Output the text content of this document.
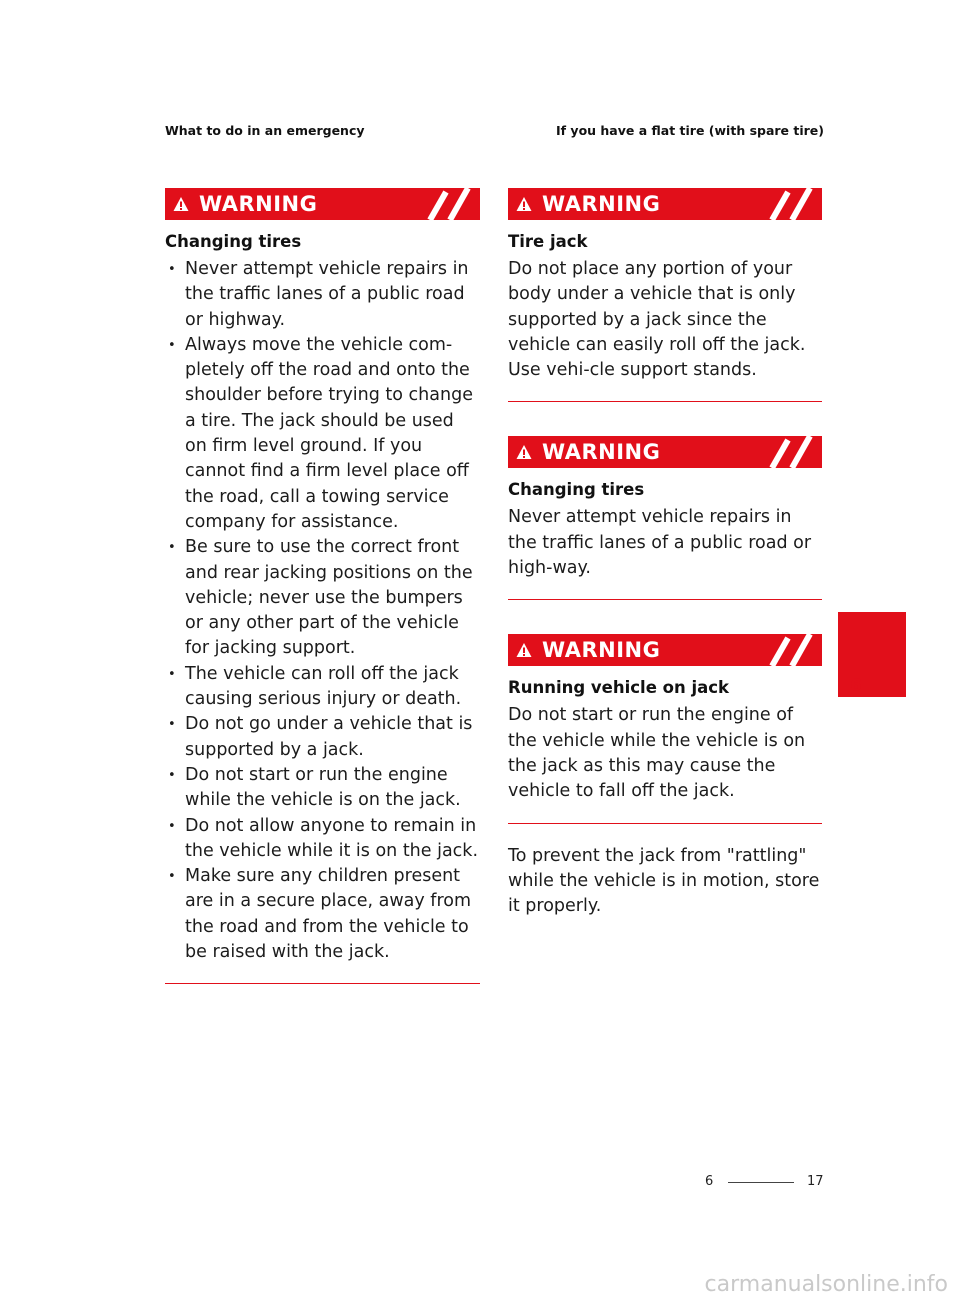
What to do in an emergency	If you have a flat tire (with spare tire)
WARNING
Changing tires
• Never attempt vehicle repairs in the traffic lanes of a public road or highway.
• Always move the vehicle com-pletely off the road and onto the shoulder before trying to change a tire. The jack should be used on firm level ground. If you cannot find a firm level place off the road, call a towing service company for assistance.
• Be sure to use the correct front and rear jacking positions on the vehicle; never use the bumpers or any other part of the vehicle for jacking support.
• The vehicle can roll off the jack causing serious injury or death.
• Do not go under a vehicle that is supported by a jack.
• Do not start or run the engine while the vehicle is on the jack.
• Do not allow anyone to remain in the vehicle while it is on the jack.
• Make sure any children present are in a secure place, away from the road and from the vehicle to be raised with the jack.
WARNING
Tire jack
Do not place any portion of your body under a vehicle that is only supported by a jack since the vehicle can easily roll off the jack. Use vehi-cle support stands.
WARNING
Changing tires
Never attempt vehicle repairs in the traffic lanes of a public road or high-way.
WARNING
Running vehicle on jack
Do not start or run the engine of the vehicle while the vehicle is on the jack as this may cause the vehicle to fall off the jack.
To prevent the jack from "rattling" while the vehicle is in motion, store it properly.
6
6	17
carmanualsonline.info
